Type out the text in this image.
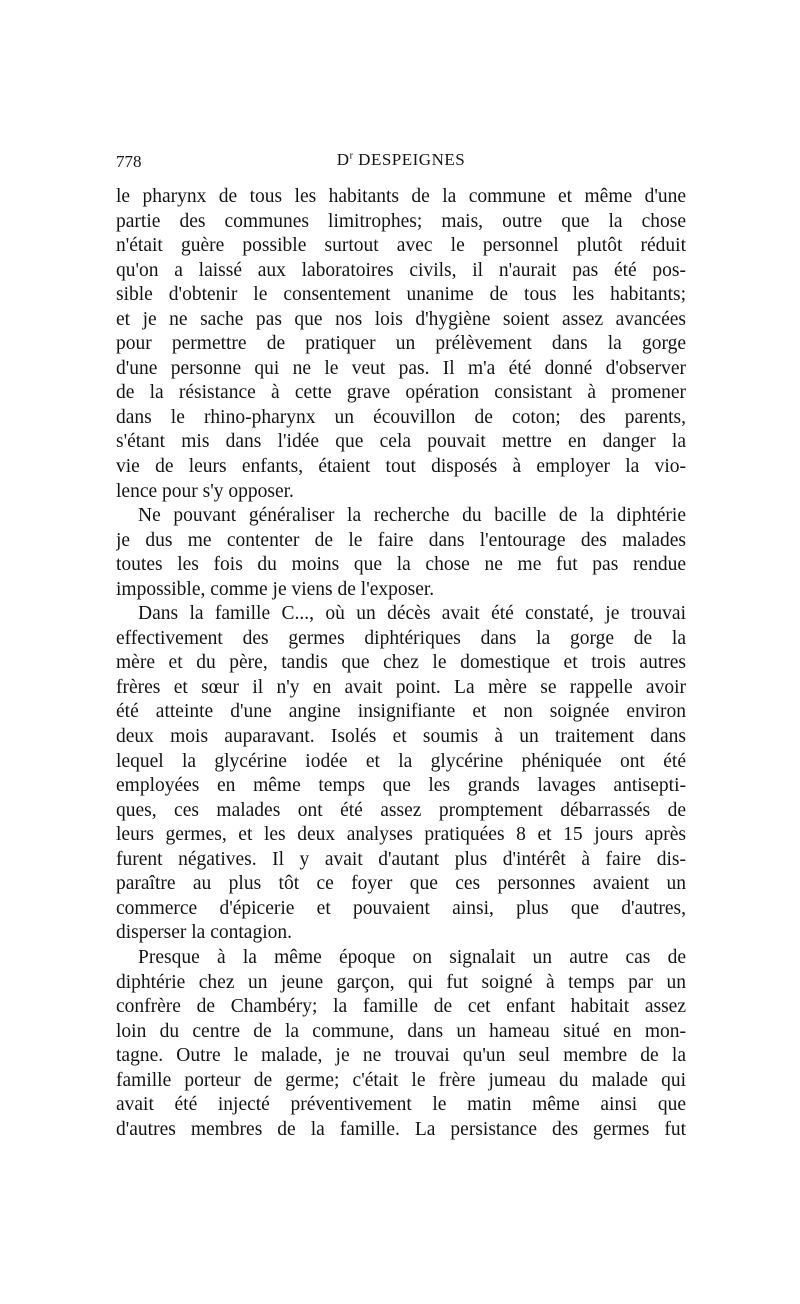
778	$D^r$ DESPEIGNES
le pharynx de tous les habitants de la commune et même d'une
partie des communes limitrophes; mais, outre que la chose
n'était guère possible surtout avec le personnel plutôt réduit
qu'on a laissé aux laboratoires civils, il n'aurait pas été pos-
sible d'obtenir le consentement unanime de tous les habitants;
et je ne sache pas que nos lois d'hygiène soient assez avancées
pour permettre de pratiquer un prélèvement dans la gorge
d'une personne qui ne le veut pas. Il m'a été donné d'observer
de la résistance à cette grave opération consistant à promener
dans le rhino-pharynx un écouvillon de coton; des parents,
s'étant mis dans l'idée que cela pouvait mettre en danger la
vie de leurs enfants, étaient tout disposés à employer la vio-
lence pour s'y opposer.
Ne pouvant généraliser la recherche du bacille de la diphtérie
je dus me contenter de le faire dans l'entourage des malades
toutes les fois du moins que la chose ne me fut pas rendue
impossible, comme je viens de l'exposer.
Dans la famille C..., où un décès avait été constaté, je trouvai
effectivement des germes diphtériques dans la gorge de la
mère et du père, tandis que chez le domestique et trois autres
frères et sœur il n'y en avait point. La mère se rappelle avoir
été atteinte d'une angine insignifiante et non soignée environ
deux mois auparavant. Isolés et soumis à un traitement dans
lequel la glycérine iodée et la glycérine phéniquée ont été
employées en même temps que les grands lavages antisepti-
ques, ces malades ont été assez promptement débarrassés de
leurs germes, et les deux analyses pratiquées 8 et 15 jours après
furent négatives. Il y avait d'autant plus d'intérêt à faire dis-
paraître au plus tôt ce foyer que ces personnes avaient un
commerce d'épicerie et pouvaient ainsi, plus que d'autres,
disperser la contagion.
Presque à la même époque on signalait un autre cas de
diphtérie chez un jeune garçon, qui fut soigné à temps par un
confrère de Chambéry; la famille de cet enfant habitait assez
loin du centre de la commune, dans un hameau situé en mon-
tagne. Outre le malade, je ne trouvai qu'un seul membre de la
famille porteur de germe; c'était le frère jumeau du malade qui
avait été injecté préventivement le matin même ainsi que
d'autres membres de la famille. La persistance des germes fut
